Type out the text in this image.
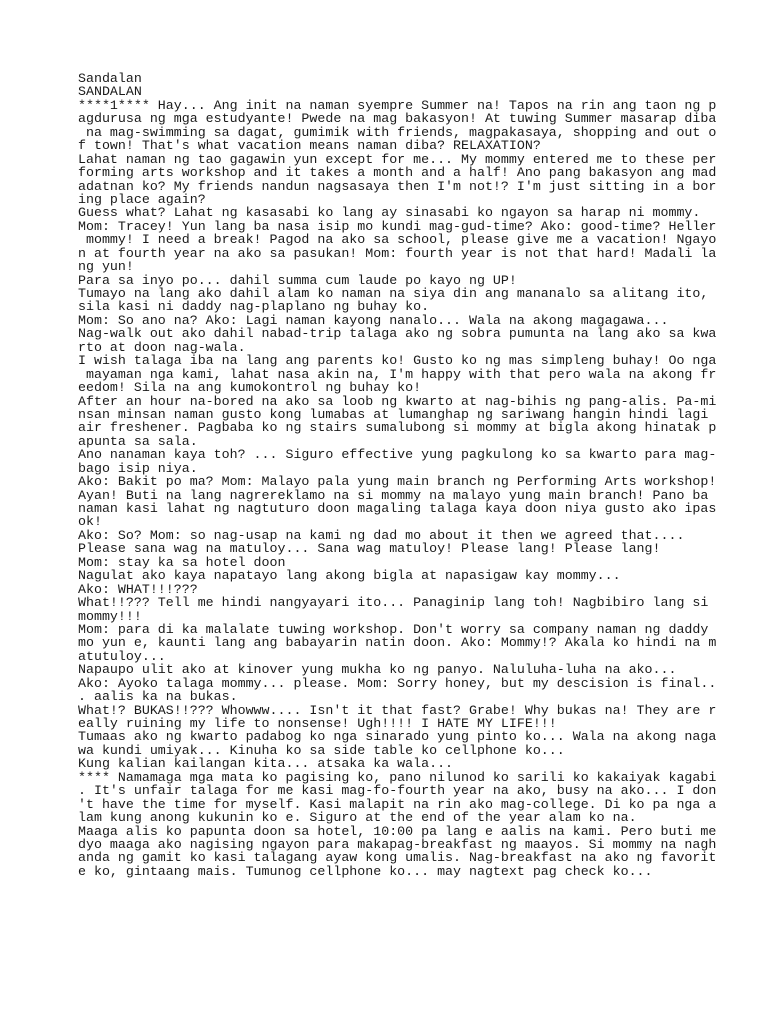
Sandalan
SANDALAN
****1**** Hay... Ang init na naman syempre Summer na! Tapos na rin ang taon ng p
agdurusa ng mga estudyante! Pwede na mag bakasyon! At tuwing Summer masarap diba
na mag-swimming sa dagat, gumimik with friends, magpakasaya, shopping and out o
f town! That's what vacation means naman diba? RELAXATION?
Lahat naman ng tao gagawin yun except for me... My mommy entered me to these per
forming arts workshop and it takes a month and a half! Ano pang bakasyon ang mad
adatnan ko? My friends nandun nagsasaya then I'm not!? I'm just sitting in a bor
ing place again?
Guess what? Lahat ng kasasabi ko lang ay sinasabi ko ngayon sa harap ni mommy.
Mom: Tracey! Yun lang ba nasa isip mo kundi mag-gud-time? Ako: good-time? Heller
mommy! I need a break! Pagod na ako sa school, please give me a vacation! Ngayo
n at fourth year na ako sa pasukan! Mom: fourth year is not that hard! Madali la
ng yun!
Para sa inyo po... dahil summa cum laude po kayo ng UP!
Tumayo na lang ako dahil alam ko naman na siya din ang mananalo sa alitang ito,
sila kasi ni daddy nag-plaplano ng buhay ko.
Mom: So ano na? Ako: Lagi naman kayong nanalo... Wala na akong magagawa...
Nag-walk out ako dahil nabad-trip talaga ako ng sobra pumunta na lang ako sa kwa
rto at doon nag-wala.
I wish talaga iba na lang ang parents ko! Gusto ko ng mas simpleng buhay! Oo nga
mayaman nga kami, lahat nasa akin na, I'm happy with that pero wala na akong fr
eedom! Sila na ang kumokontrol ng buhay ko!
After an hour na-bored na ako sa loob ng kwarto at nag-bihis ng pang-alis. Pa-mi
nsan minsan naman gusto kong lumabas at lumanghap ng sariwang hangin hindi lagi
air freshener. Pagbaba ko ng stairs sumalubong si mommy at bigla akong hinatak p
apunta sa sala.
Ano nanaman kaya toh? ... Siguro effective yung pagkulong ko sa kwarto para mag-
bago isip niya.
Ako: Bakit po ma? Mom: Malayo pala yung main branch ng Performing Arts workshop!
Ayan! Buti na lang nagrereklamo na si mommy na malayo yung main branch! Pano ba
naman kasi lahat ng nagtuturo doon magaling talaga kaya doon niya gusto ako ipas
ok!
Ako: So? Mom: so nag-usap na kami ng dad mo about it then we agreed that....
Please sana wag na matuloy... Sana wag matuloy! Please lang! Please lang!
Mom: stay ka sa hotel doon
Nagulat ako kaya napatayo lang akong bigla at napasigaw kay mommy...
Ako: WHAT!!!???
What!!??? Tell me hindi nangyayari ito... Panaginip lang toh! Nagbibiro lang si
mommy!!!
Mom: para di ka malalate tuwing workshop. Don't worry sa company naman ng daddy
mo yun e, kaunti lang ang babayarin natin doon. Ako: Mommy!? Akala ko hindi na m
atutuloy...
Napaupo ulit ako at kinover yung mukha ko ng panyo. Naluluha-luha na ako...
Ako: Ayoko talaga mommy... please. Mom: Sorry honey, but my descision is final..
. aalis ka na bukas.
What!? BUKAS!!??? Whowww.... Isn't it that fast? Grabe! Why bukas na! They are r
eally ruining my life to nonsense! Ugh!!!! I HATE MY LIFE!!!
Tumaas ako ng kwarto padabog ko nga sinarado yung pinto ko... Wala na akong naga
wa kundi umiyak... Kinuha ko sa side table ko cellphone ko...
Kung kalian kailangan kita... atsaka ka wala...
**** Namamaga mga mata ko pagising ko, pano nilunod ko sarili ko kakaiyak kagabi
. It's unfair talaga for me kasi mag-fo-fourth year na ako, busy na ako... I don
't have the time for myself. Kasi malapit na rin ako mag-college. Di ko pa nga a
lam kung anong kukunin ko e. Siguro at the end of the year alam ko na.
Maaga alis ko papunta doon sa hotel, 10:00 pa lang e aalis na kami. Pero buti me
dyo maaga ako nagising ngayon para makapag-breakfast ng maayos. Si mommy na nagh
anda ng gamit ko kasi talagang ayaw kong umalis. Nag-breakfast na ako ng favorit
e ko, gintaang mais. Tumunog cellphone ko... may nagtext pag check ko...
